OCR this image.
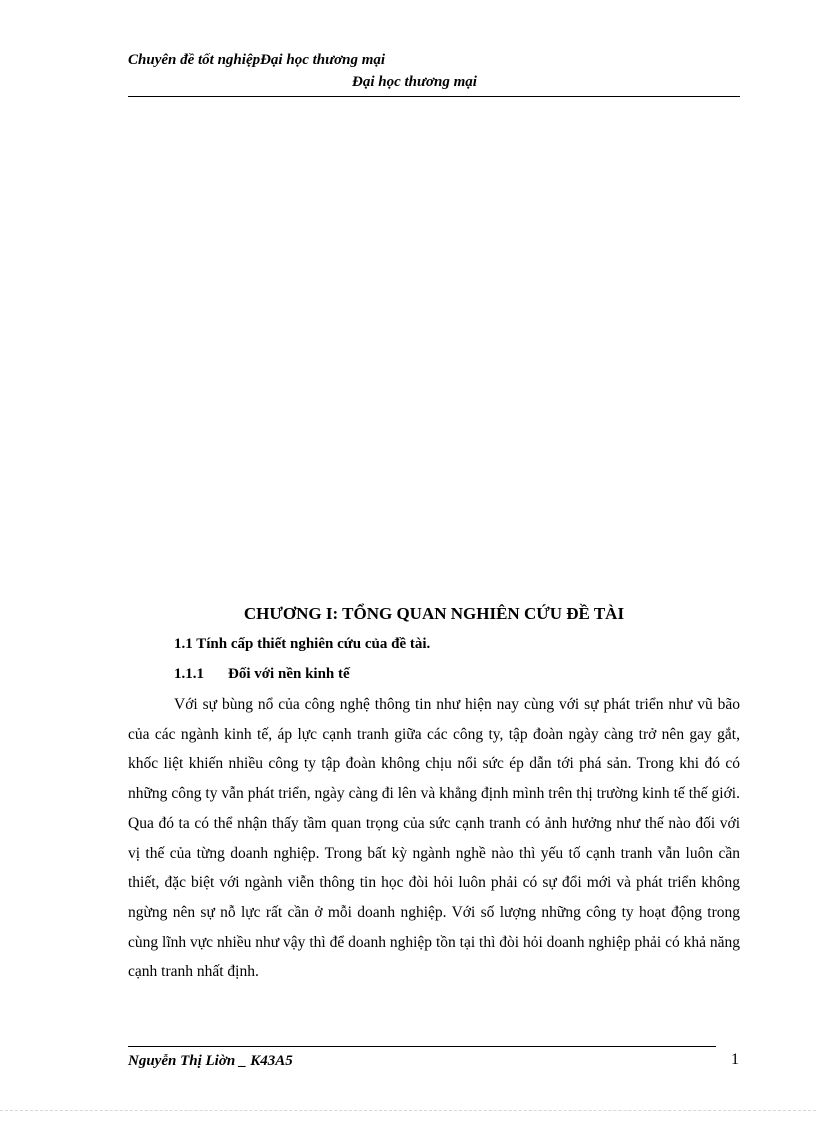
Chuyên đề tốt nghiệpĐại học thương mại
Đại học thương mại
CHƯƠNG I: TỔNG QUAN NGHIÊN CỨU ĐỀ TÀI
1.1 Tính cấp thiết nghiên cứu của đề tài.
1.1.1 Đối với nền kinh tế

Với sự bùng nổ của công nghệ thông tin như hiện nay cùng với sự phát triển như vũ bão của các ngành kinh tế, áp lực cạnh tranh giữa các công ty, tập đoàn ngày càng trở nên gay gắt, khốc liệt khiến nhiều công ty tập đoàn không chịu nổi sức ép dẫn tới phá sản. Trong khi đó có những công ty vẫn phát triển, ngày càng đi lên và khẳng định mình trên thị trường kinh tế thế giới. Qua đó ta có thể nhận thấy tầm quan trọng của sức cạnh tranh có ảnh hưởng như thế nào đối với vị thế của từng doanh nghiệp. Trong bất kỳ ngành nghề nào thì yếu tố cạnh tranh vẫn luôn cần thiết, đặc biệt với ngành viễn thông tin học đòi hỏi luôn phải có sự đổi mới và phát triển không ngừng nên sự nỗ lực rất cần ở mỗi doanh nghiệp. Với số lượng những công ty hoạt động trong cùng lĩnh vực nhiều như vậy thì để doanh nghiệp tồn tại thì đòi hỏi doanh nghiệp phải có khả năng cạnh tranh nhất định.

Nguyễn Thị Liờn _ K43A5	1
